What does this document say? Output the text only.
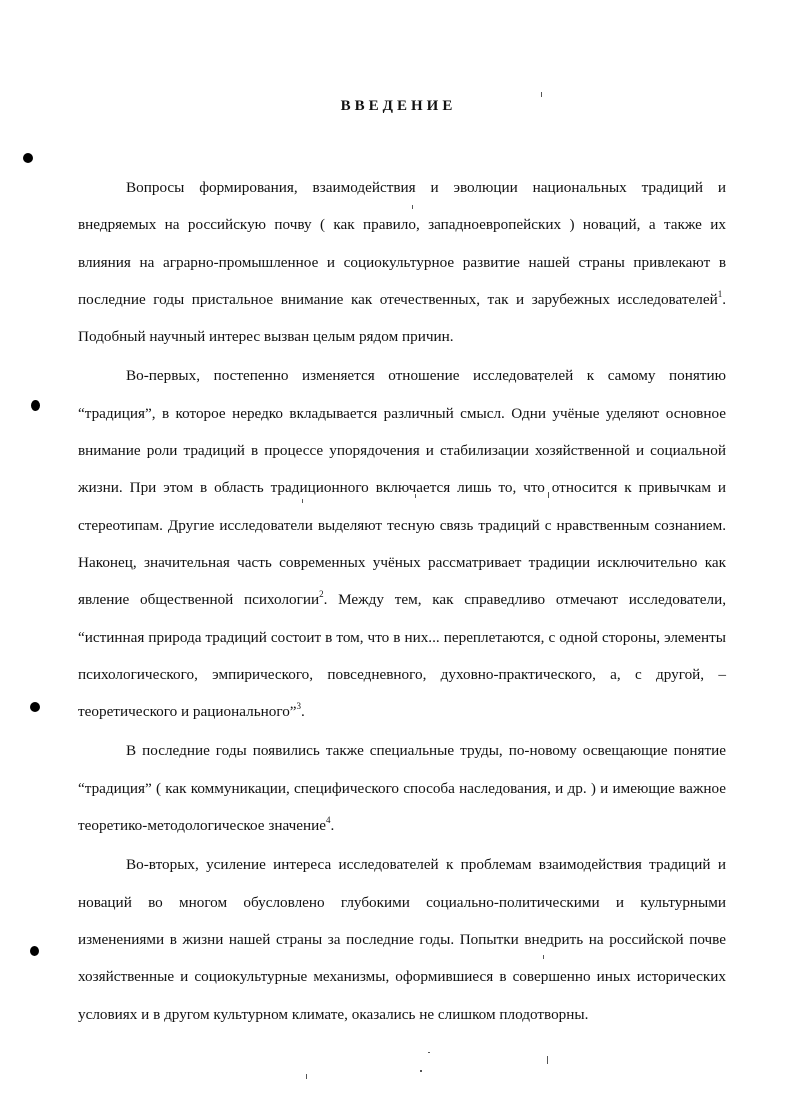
ВВЕДЕНИЕ

Вопросы формирования, взаимодействия и эволюции национальных традиций и внедряемых на российскую почву ( как правило, западноевропейских ) новаций, а также их влияния на аграрно-промышленное и социокультурное развитие нашей страны привлекают в последние годы пристальное внимание как отечественных, так и зарубежных исследователей$^1$. Подобный научный интерес вызван целым рядом причин.

Во-первых, постепенно изменяется отношение исследователей к самому понятию “традиция”, в которое нередко вкладывается различный смысл. Одни учёные уделяют основное внимание роли традиций в процессе упорядочения и стабилизации хозяйственной и социальной жизни. При этом в область традиционного включается лишь то, что относится к привычкам и стереотипам. Другие исследователи выделяют тесную связь традиций с нравственным сознанием. Наконец, значительная часть современных учёных рассматривает традиции исключительно как явление общественной психологии$^2$. Между тем, как справедливо отмечают исследователи, “истинная природа традиций состоит в том, что в них... переплетаются, с одной стороны, элементы психологического, эмпирического, повседневного, духовно-практического, а, с другой, – теоретического и рационального”$^3$.

В последние годы появились также специальные труды, по-новому освещающие понятие “традиция” ( как коммуникации, специфического способа наследования, и др. ) и имеющие важное теоретико-методологическое значение$^4$.

Во-вторых, усиление интереса исследователей к проблемам взаимодействия традиций и новаций во многом обусловлено глубокими социально-политическими и культурными изменениями в жизни нашей страны за последние годы. Попытки внедрить на российской почве хозяйственные и социокультурные механизмы, оформившиеся в совершенно иных исторических условиях и в другом культурном климате, оказались не слишком плодотворны.
